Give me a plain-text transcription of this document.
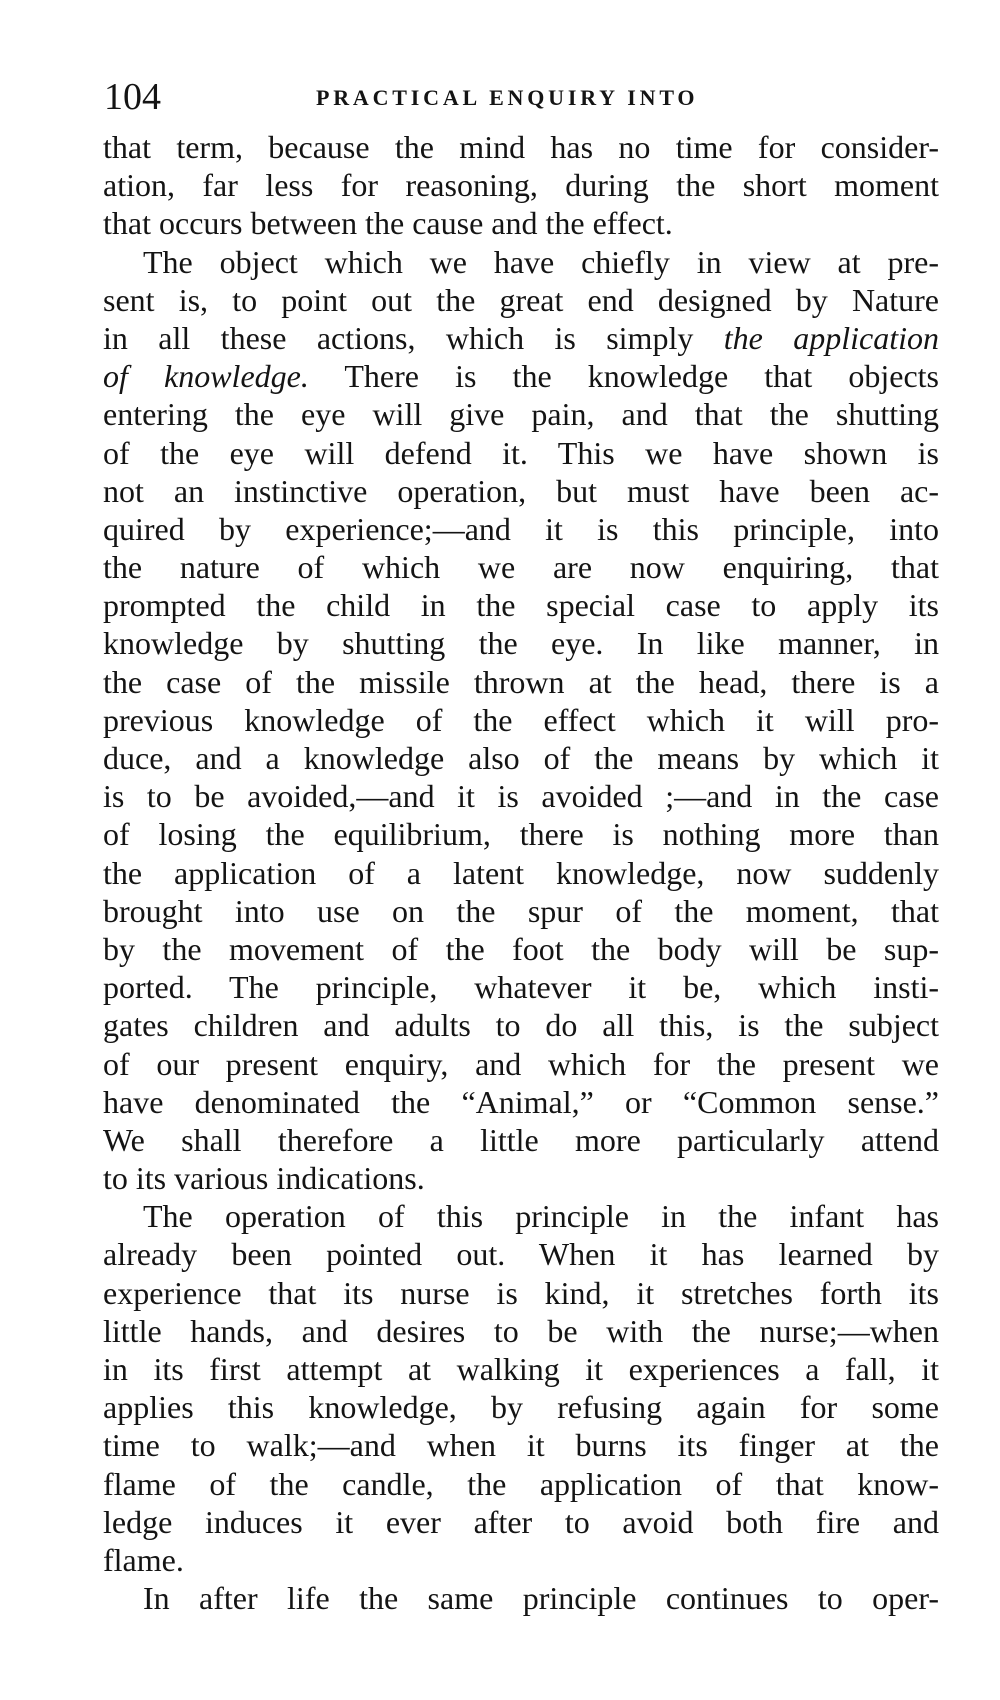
104	PRACTICAL ENQUIRY INTO
that term, because the mind has no time for consider-
ation, far less for reasoning, during the short moment
that occurs between the cause and the effect.
The object which we have chiefly in view at pre-
sent is, to point out the great end designed by Nature
in all these actions, which is simply the application
of knowledge. There is the knowledge that objects
entering the eye will give pain, and that the shutting
of the eye will defend it. This we have shown is
not an instinctive operation, but must have been ac-
quired by experience;—and it is this principle, into
the nature of which we are now enquiring, that
prompted the child in the special case to apply its
knowledge by shutting the eye. In like manner, in
the case of the missile thrown at the head, there is a
previous knowledge of the effect which it will pro-
duce, and a knowledge also of the means by which it
is to be avoided,—and it is avoided ;—and in the case
of losing the equilibrium, there is nothing more than
the application of a latent knowledge, now suddenly
brought into use on the spur of the moment, that
by the movement of the foot the body will be sup-
ported. The principle, whatever it be, which insti-
gates children and adults to do all this, is the subject
of our present enquiry, and which for the present we
have denominated the “Animal,” or “Common sense.”
We shall therefore a little more particularly attend
to its various indications.
The operation of this principle in the infant has
already been pointed out. When it has learned by
experience that its nurse is kind, it stretches forth its
little hands, and desires to be with the nurse;—when
in its first attempt at walking it experiences a fall, it
applies this knowledge, by refusing again for some
time to walk;—and when it burns its finger at the
flame of the candle, the application of that know-
ledge induces it ever after to avoid both fire and
flame.
In after life the same principle continues to oper-
